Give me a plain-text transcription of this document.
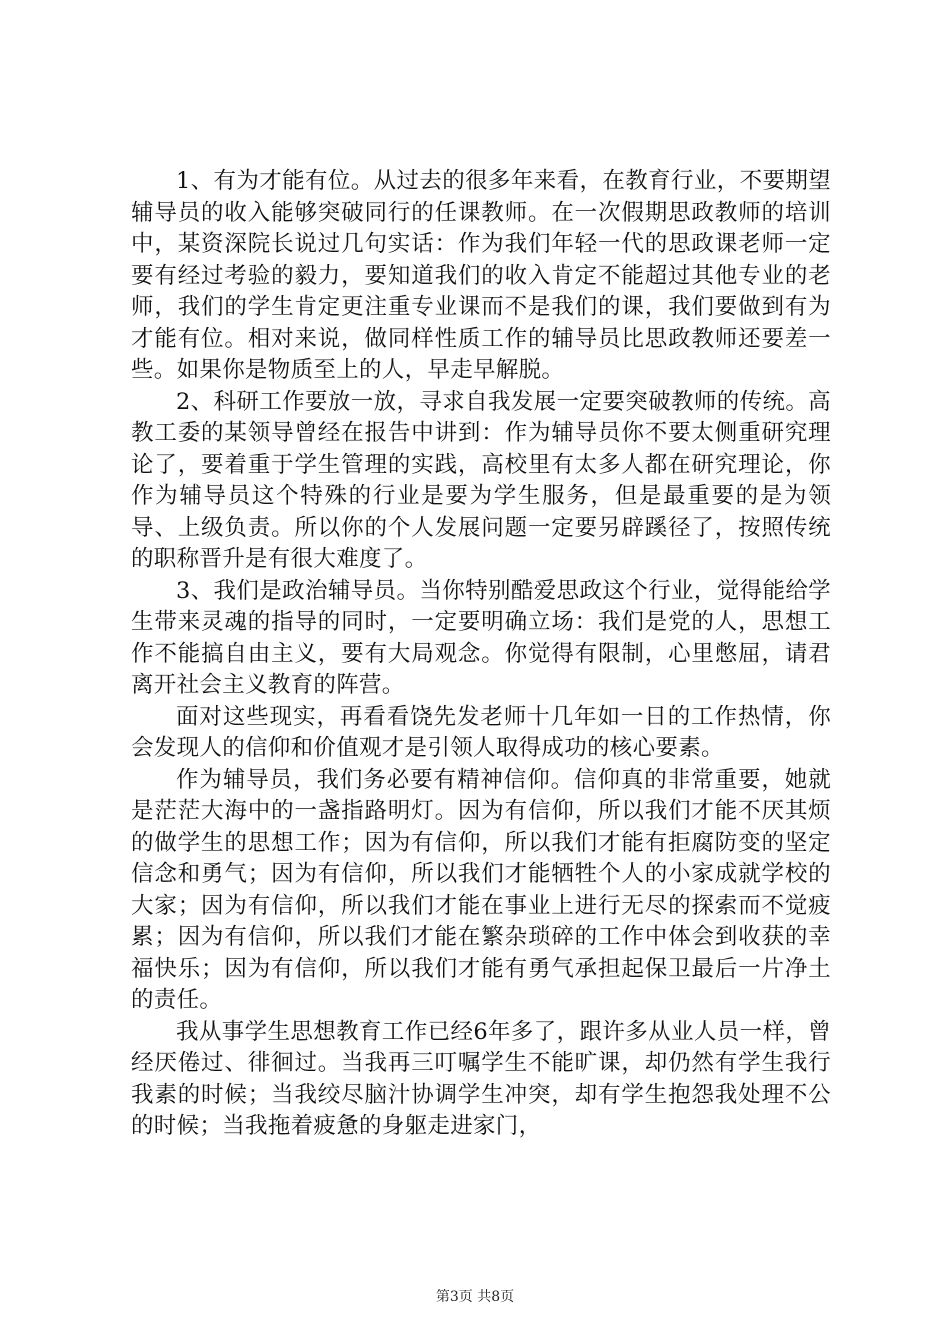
1、有为才能有位。从过去的很多年来看，在教育行业，不要期望辅导员的收入能够突破同行的任课教师。在一次假期思政教师的培训中，某资深院长说过几句实话：作为我们年轻一代的思政课老师一定要有经过考验的毅力，要知道我们的收入肯定不能超过其他专业的老师，我们的学生肯定更注重专业课而不是我们的课，我们要做到有为才能有位。相对来说，做同样性质工作的辅导员比思政教师还要差一些。如果你是物质至上的人，早走早解脱。

2、科研工作要放一放，寻求自我发展一定要突破教师的传统。高教工委的某领导曾经在报告中讲到：作为辅导员你不要太侧重研究理论了，要着重于学生管理的实践，高校里有太多人都在研究理论，你作为辅导员这个特殊的行业是要为学生服务，但是最重要的是为领导、上级负责。所以你的个人发展问题一定要另辟蹊径了，按照传统的职称晋升是有很大难度了。

3、我们是政治辅导员。当你特别酷爱思政这个行业，觉得能给学生带来灵魂的指导的同时，一定要明确立场：我们是党的人，思想工作不能搞自由主义，要有大局观念。你觉得有限制，心里憋屈，请君离开社会主义教育的阵营。

面对这些现实，再看看饶先发老师十几年如一日的工作热情，你会发现人的信仰和价值观才是引领人取得成功的核心要素。

作为辅导员，我们务必要有精神信仰。信仰真的非常重要，她就是茫茫大海中的一盏指路明灯。因为有信仰，所以我们才能不厌其烦的做学生的思想工作；因为有信仰，所以我们才能有拒腐防变的坚定信念和勇气；因为有信仰，所以我们才能牺牲个人的小家成就学校的大家；因为有信仰，所以我们才能在事业上进行无尽的探索而不觉疲累；因为有信仰，所以我们才能在繁杂琐碎的工作中体会到收获的幸福快乐；因为有信仰，所以我们才能有勇气承担起保卫最后一片净土的责任。

我从事学生思想教育工作已经6年多了，跟许多从业人员一样，曾经厌倦过、徘徊过。当我再三叮嘱学生不能旷课，却仍然有学生我行我素的时候；当我绞尽脑汁协调学生冲突，却有学生抱怨我处理不公的时候；当我拖着疲惫的身躯走进家门，

第3页 共8页
